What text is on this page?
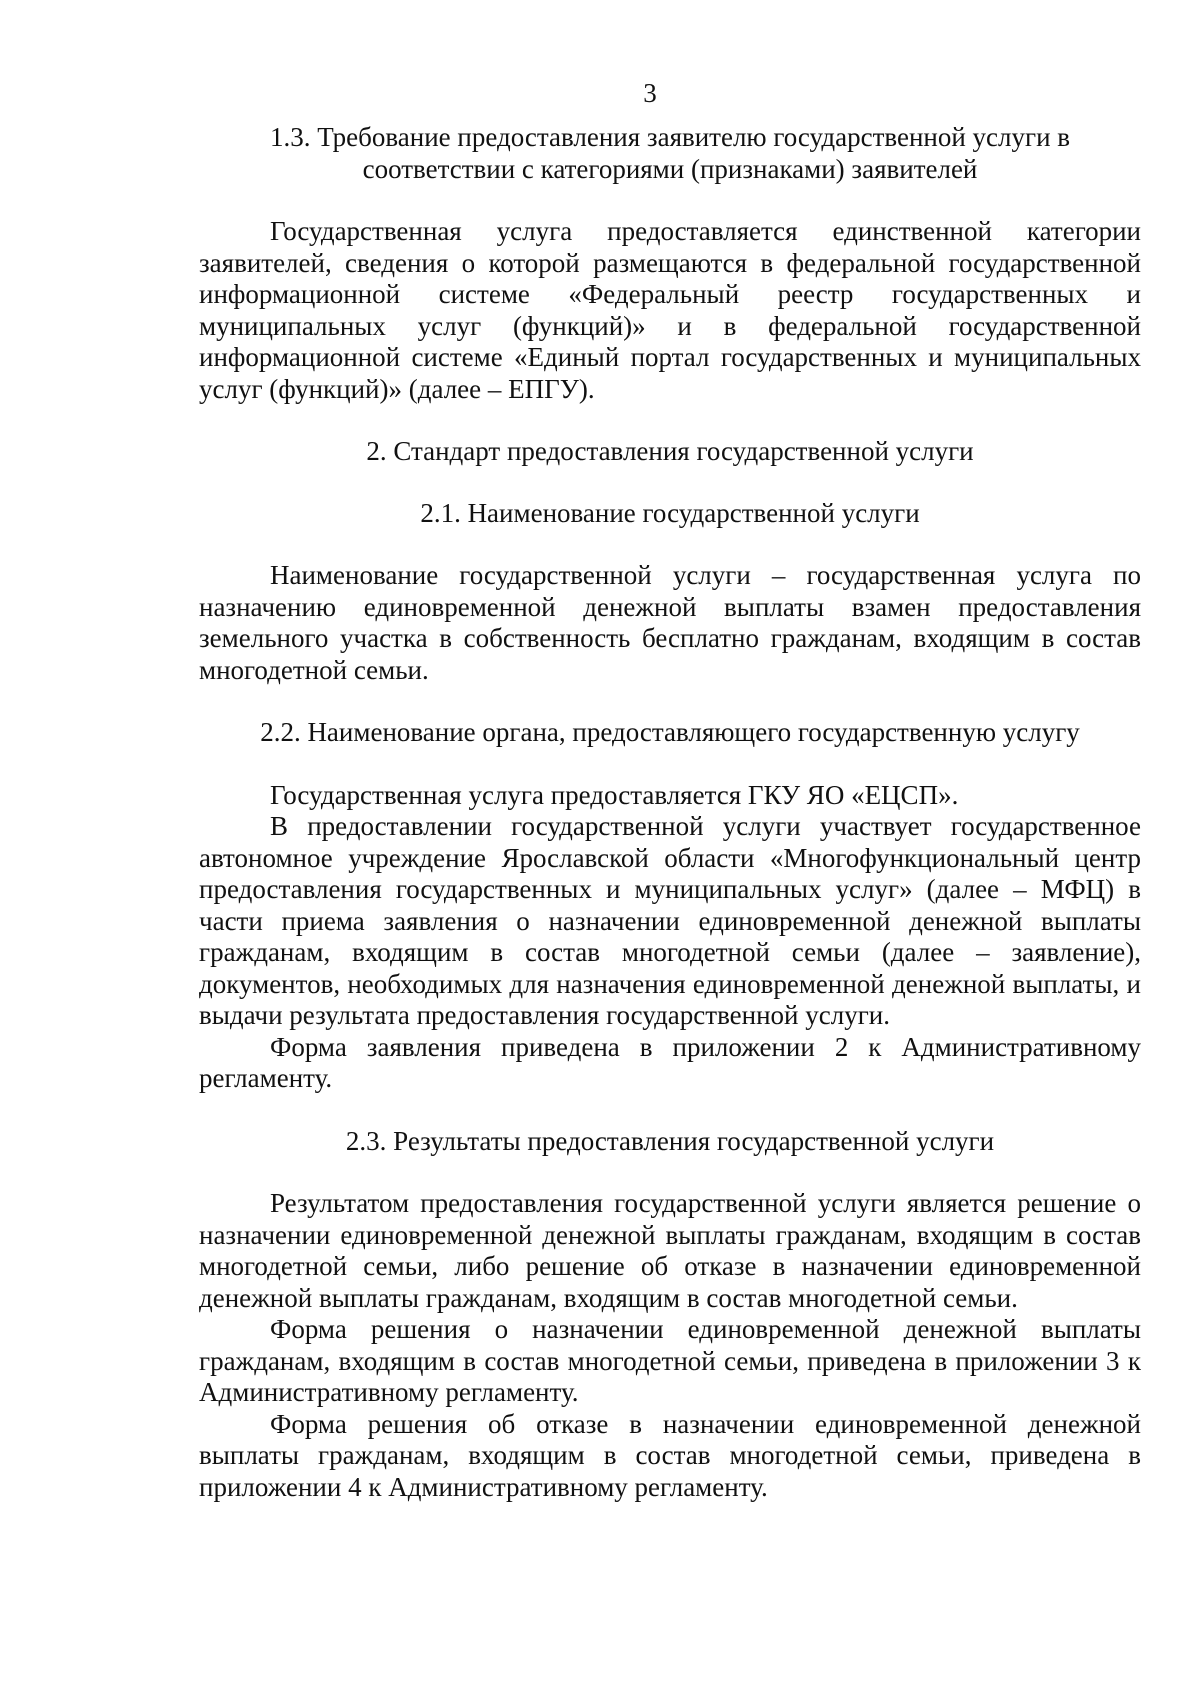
3
1.3. Требование предоставления заявителю государственной услуги в соответствии с категориями (признаками) заявителей

Государственная услуга предоставляется единственной категории заявителей, сведения о которой размещаются в федеральной государственной информационной системе «Федеральный реестр государственных и муниципальных услуг (функций)» и в федеральной государственной информационной системе «Единый портал государственных и муниципальных услуг (функций)» (далее – ЕПГУ).

2. Стандарт предоставления государственной услуги
2.1. Наименование государственной услуги

Наименование государственной услуги – государственная услуга по назначению единовременной денежной выплаты взамен предоставления земельного участка в собственность бесплатно гражданам, входящим в состав многодетной семьи.

2.2. Наименование органа, предоставляющего государственную услугу

Государственная услуга предоставляется ГКУ ЯО «ЕЦСП».

В предоставлении государственной услуги участвует государственное автономное учреждение Ярославской области «Многофункциональный центр предоставления государственных и муниципальных услуг» (далее – МФЦ) в части приема заявления о назначении единовременной денежной выплаты гражданам, входящим в состав многодетной семьи (далее – заявление), документов, необходимых для назначения единовременной денежной выплаты, и выдачи результата предоставления государственной услуги.

Форма заявления приведена в приложении 2 к Административному регламенту.

2.3. Результаты предоставления государственной услуги

Результатом предоставления государственной услуги является решение о назначении единовременной денежной выплаты гражданам, входящим в состав многодетной семьи, либо решение об отказе в назначении единовременной денежной выплаты гражданам, входящим в состав многодетной семьи.

Форма решения о назначении единовременной денежной выплаты гражданам, входящим в состав многодетной семьи, приведена в приложении 3 к Административному регламенту.

Форма решения об отказе в назначении единовременной денежной выплаты гражданам, входящим в состав многодетной семьи, приведена в приложении 4 к Административному регламенту.
